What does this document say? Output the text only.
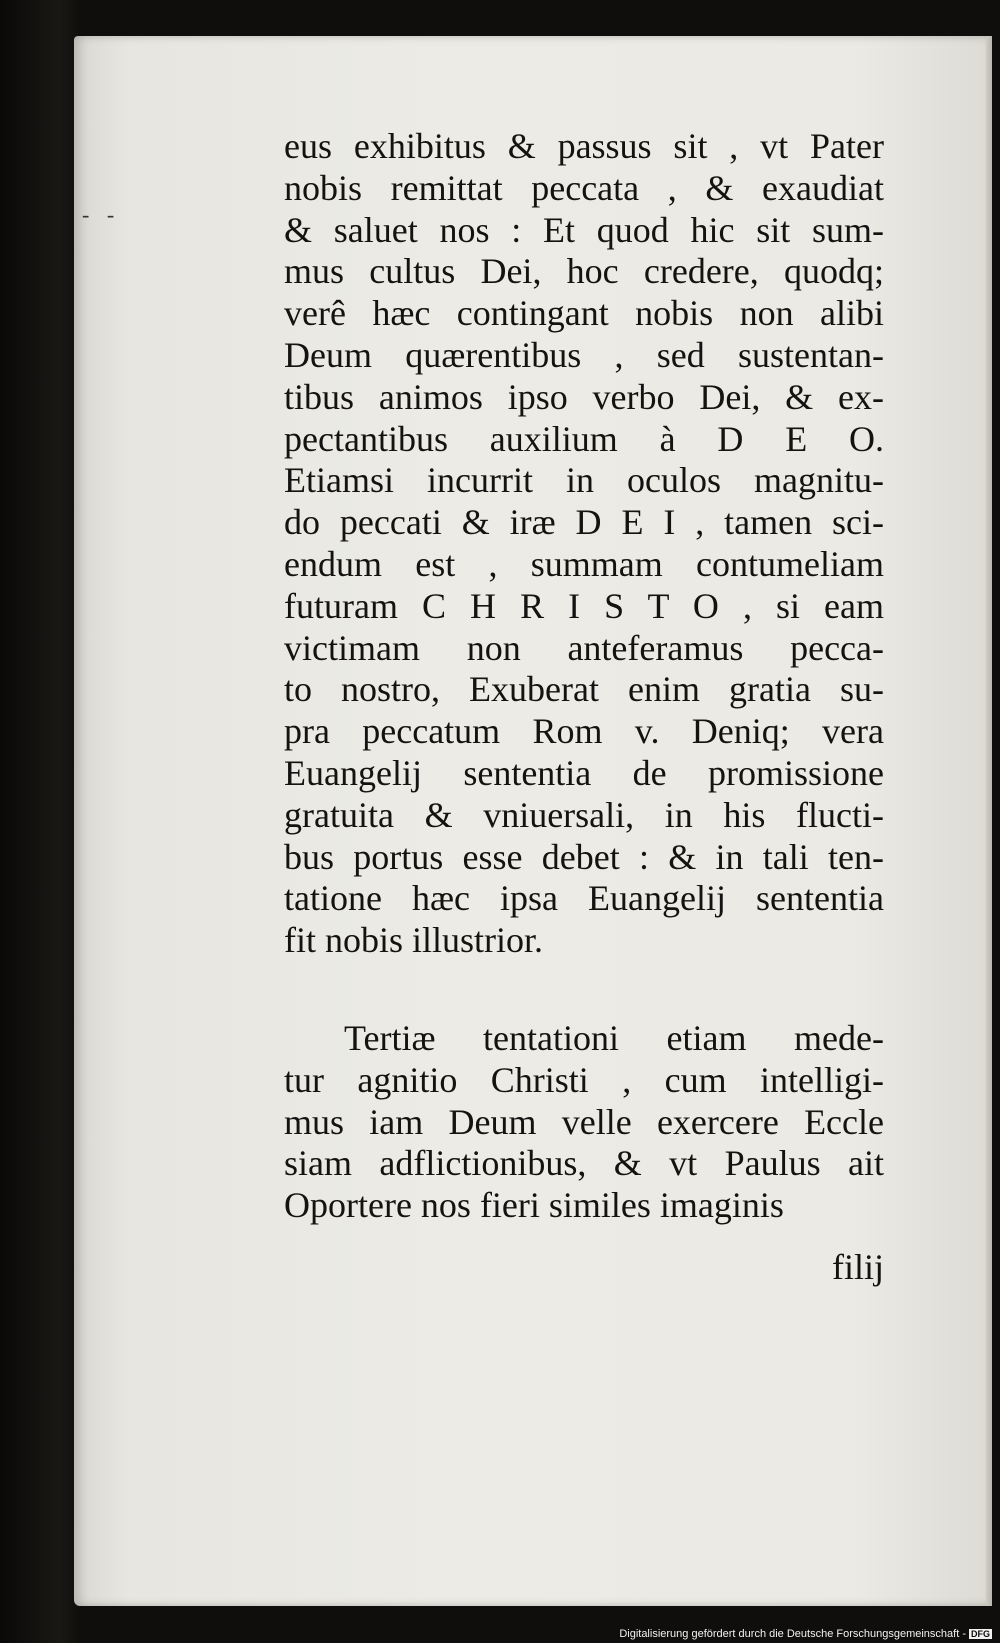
- -
eus exhibitus & passus sit , vt Pater
nobis remittat peccata , & exaudiat
& saluet nos : Et quod hic sit sum-
mus cultus Dei, hoc credere, quodq;
verê hæc contingant nobis non alibi
Deum quærentibus , sed sustentan-
tibus animos ipso verbo Dei, & ex-
pectantibus auxilium à D E O.
Etiamsi incurrit in oculos magnitu-
do peccati & iræ D E I , tamen sci-
endum est , summam contumeliam
futuram C H R I S T O , si eam
victimam non anteferamus pecca-
to nostro, Exuberat enim gratia su-
pra peccatum Rom v. Deniq; vera
Euangelij sententia de promissione
gratuita & vniuersali, in his flucti-
bus portus esse debet : & in tali ten-
tatione hæc ipsa Euangelij sententia
fit nobis illustrior.
Tertiæ tentationi etiam mede-
tur agnitio Christi , cum intelligi-
mus iam Deum velle exercere Eccle
siam adflictionibus, & vt Paulus ait
Oportere nos fieri similes imaginis
filij
Digitalisierung gefördert durch die Deutsche Forschungsgemeinschaft - DFG
